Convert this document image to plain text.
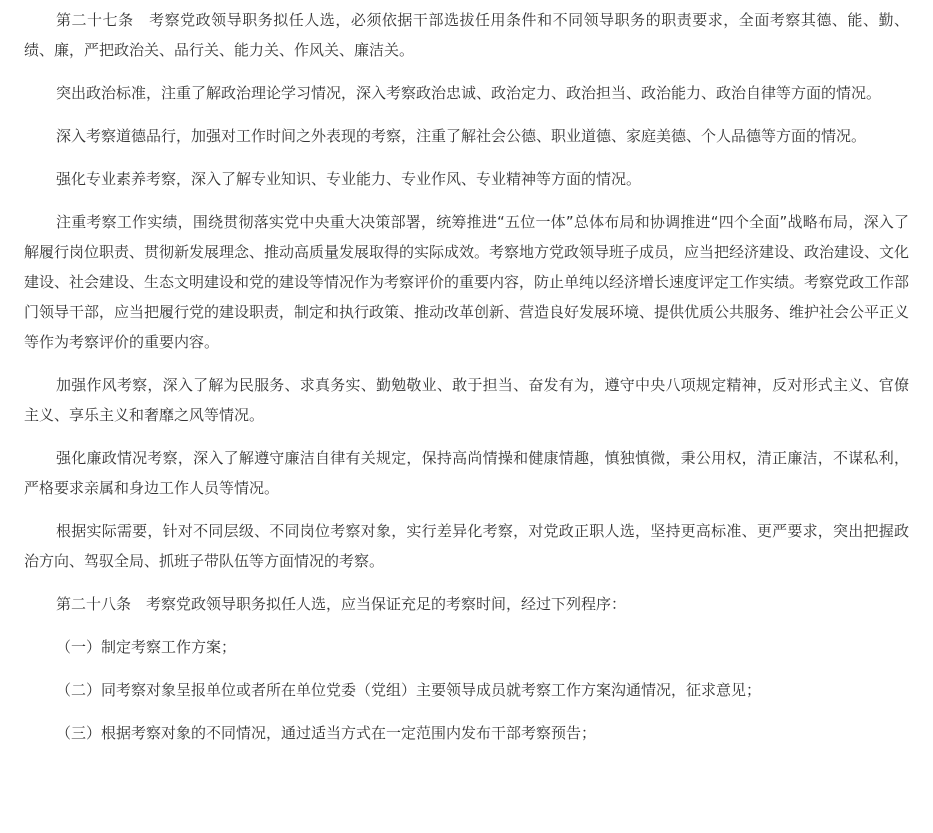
第二十七条　考察党政领导职务拟任人选，必须依据干部选拔任用条件和不同领导职务的职责要求，全面考察其德、能、勤、绩、廉，严把政治关、品行关、能力关、作风关、廉洁关。

突出政治标准，注重了解政治理论学习情况，深入考察政治忠诚、政治定力、政治担当、政治能力、政治自律等方面的情况。

深入考察道德品行，加强对工作时间之外表现的考察，注重了解社会公德、职业道德、家庭美德、个人品德等方面的情况。

强化专业素养考察，深入了解专业知识、专业能力、专业作风、专业精神等方面的情况。

注重考察工作实绩，围绕贯彻落实党中央重大决策部署，统筹推进“五位一体”总体布局和协调推进“四个全面”战略布局，深入了解履行岗位职责、贯彻新发展理念、推动高质量发展取得的实际成效。考察地方党政领导班子成员，应当把经济建设、政治建设、文化建设、社会建设、生态文明建设和党的建设等情况作为考察评价的重要内容，防止单纯以经济增长速度评定工作实绩。考察党政工作部门领导干部，应当把履行党的建设职责，制定和执行政策、推动改革创新、营造良好发展环境、提供优质公共服务、维护社会公平正义等作为考察评价的重要内容。

加强作风考察，深入了解为民服务、求真务实、勤勉敬业、敢于担当、奋发有为，遵守中央八项规定精神，反对形式主义、官僚主义、享乐主义和奢靡之风等情况。

强化廉政情况考察，深入了解遵守廉洁自律有关规定，保持高尚情操和健康情趣，慎独慎微，秉公用权，清正廉洁，不谋私利，严格要求亲属和身边工作人员等情况。

根据实际需要，针对不同层级、不同岗位考察对象，实行差异化考察，对党政正职人选，坚持更高标准、更严要求，突出把握政治方向、驾驭全局、抓班子带队伍等方面情况的考察。

第二十八条　考察党政领导职务拟任人选，应当保证充足的考察时间，经过下列程序：

（一）制定考察工作方案；

（二）同考察对象呈报单位或者所在单位党委（党组）主要领导成员就考察工作方案沟通情况，征求意见；

（三）根据考察对象的不同情况，通过适当方式在一定范围内发布干部考察预告；
